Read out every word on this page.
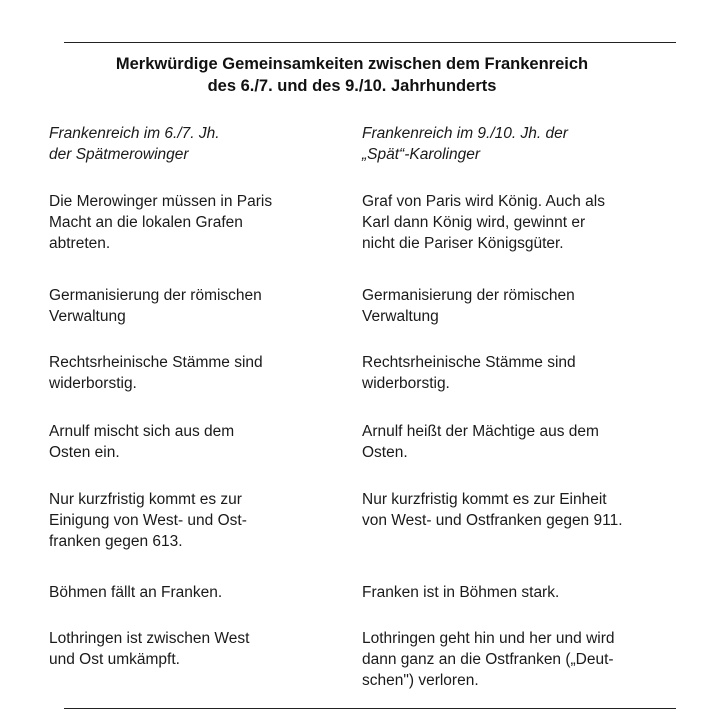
Merkwürdige Gemeinsamkeiten zwischen dem Frankenreich
des 6./7. und des 9./10. Jahrhunderts
Frankenreich im 6./7. Jh.
der Spätmerowinger
Frankenreich im 9./10. Jh. der
„Spät“-Karolinger
Die Merowinger müssen in Paris
Macht an die lokalen Grafen
abtreten.
Graf von Paris wird König. Auch als
Karl dann König wird, gewinnt er
nicht die Pariser Königsgüter.
Germanisierung der römischen
Verwaltung
Germanisierung der römischen
Verwaltung
Rechtsrheinische Stämme sind
widerborstig.
Rechtsrheinische Stämme sind
widerborstig.
Arnulf mischt sich aus dem
Osten ein.
Arnulf heißt der Mächtige aus dem
Osten.
Nur kurzfristig kommt es zur
Einigung von West- und Ost-
franken gegen 613.
Nur kurzfristig kommt es zur Einheit
von West- und Ostfranken gegen 911.
Böhmen fällt an Franken.	Franken ist in Böhmen stark.
Lothringen ist zwischen West
und Ost umkämpft.
Lothringen geht hin und her und wird
dann ganz an die Ostfranken („Deut-
schen") verloren.
